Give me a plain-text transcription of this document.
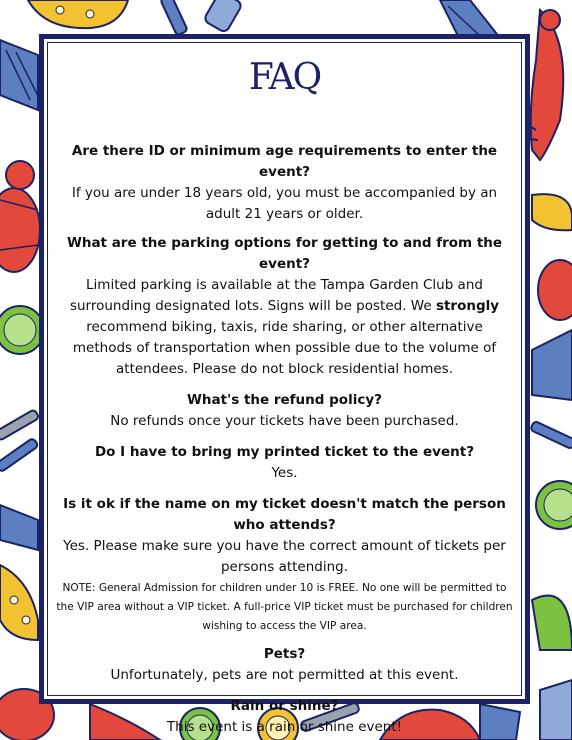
FAQ
Are there ID or minimum age requirements to enter the event?
If you are under 18 years old, you must be accompanied by an adult 21 years or older.
What are the parking options for getting to and from the event?
Limited parking is available at the Tampa Garden Club and surrounding designated lots. Signs will be posted. We strongly recommend biking, taxis, ride sharing, or other alternative methods of transportation when possible due to the volume of attendees. Please do not block residential homes.
What's the refund policy?
No refunds once your tickets have been purchased.
Do I have to bring my printed ticket to the event?
Yes.
Is it ok if the name on my ticket doesn't match the person who attends?
Yes. Please make sure you have the correct amount of tickets per persons attending.
NOTE: General Admission for children under 10 is FREE. No one will be permitted to the VIP area without a VIP ticket. A full-price VIP ticket must be purchased for children wishing to access the VIP area.
Pets?
Unfortunately, pets are not permitted at this event.
Rain or shine?
This event is a rain or shine event!
